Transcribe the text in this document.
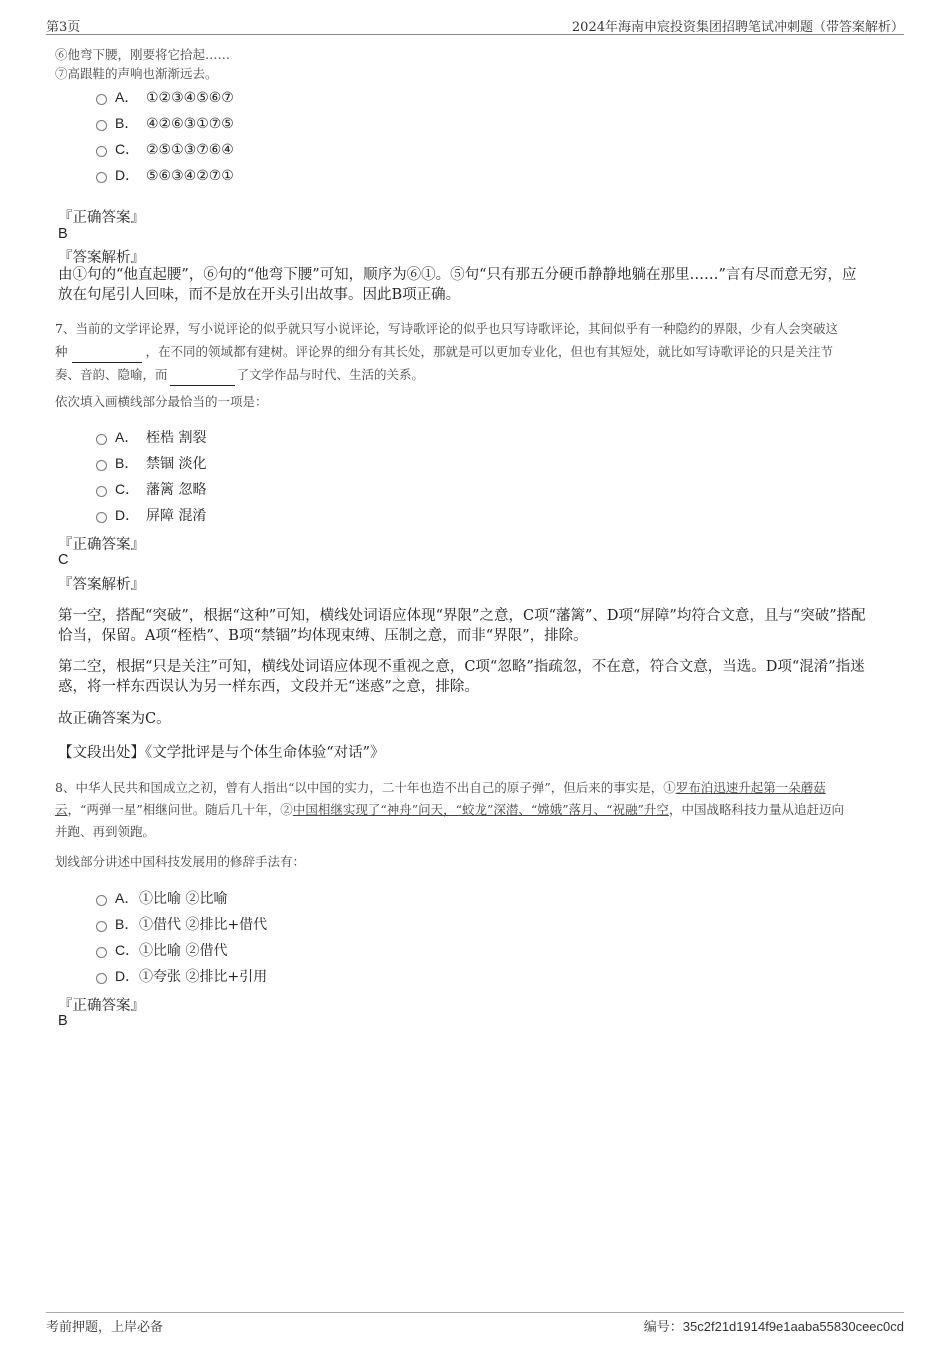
第3页	2024年海南申宸投资集团招聘笔试冲刺题（带答案解析）
⑥他弯下腰，刚要将它拾起……
⑦高跟鞋的声响也渐渐远去。
A． ①②③④⑤⑥⑦
B． ④②⑥③①⑦⑤
C． ②⑤①③⑦⑥④
D． ⑤⑥③④②⑦①
『正确答案』
B
『答案解析』
由①句的“他直起腰”，⑥句的“他弯下腰”可知，顺序为⑥①。⑤句“只有那五分硬币静静地躺在那里……”言有尽而意无穷，应
放在句尾引人回味，而不是放在开头引出故事。因此B项正确。
7、当前的文学评论界，写小说评论的似乎就只写小说评论，写诗歌评论的似乎也只写诗歌评论，其间似乎有一种隐约的界限，少有人会突破这
种	，在不同的领域都有建树。评论界的细分有其长处，那就是可以更加专业化，但也有其短处，就比如写诗歌评论的只是关注节
奏、音韵、隐喻，而	了文学作品与时代、生活的关系。
依次填入画横线部分最恰当的一项是：
A． 桎梏 割裂
B． 禁锢 淡化
C． 藩篱 忽略
D． 屏障 混淆
『正确答案』
C
『答案解析』
第一空，搭配“突破”，根据“这种”可知，横线处词语应体现“界限”之意，C项“藩篱”、D项“屏障”均符合文意，且与“突破”搭配
恰当，保留。A项“桎梏”、B项“禁锢”均体现束缚、压制之意，而非“界限”，排除。
第二空，根据“只是关注”可知，横线处词语应体现不重视之意，C项“忽略”指疏忽，不在意，符合文意，当选。D项“混淆”指迷
惑，将一样东西误认为另一样东西，文段并无“迷惑”之意，排除。
故正确答案为C。
【文段出处】《文学批评是与个体生命体验“对话”》
8、中华人民共和国成立之初，曾有人指出“以中国的实力，二十年也造不出自己的原子弹”，但后来的事实是，①罗布泊迅速升起第一朵蘑菇
云，“两弹一星”相继问世。随后几十年，②中国相继实现了“神舟”问天，“蛟龙”深潜、“嫦娥”落月、“祝融”升空，中国战略科技力量从追赶迈向
并跑、再到领跑。
划线部分讲述中国科技发展用的修辞手法有：
A．①比喻 ②比喻
B．①借代 ②排比+借代
C．①比喻 ②借代
D．①夸张 ②排比+引用
『正确答案』
B
考前押题，上岸必备	编号：35c2f21d1914f9e1aaba55830ceec0cd
